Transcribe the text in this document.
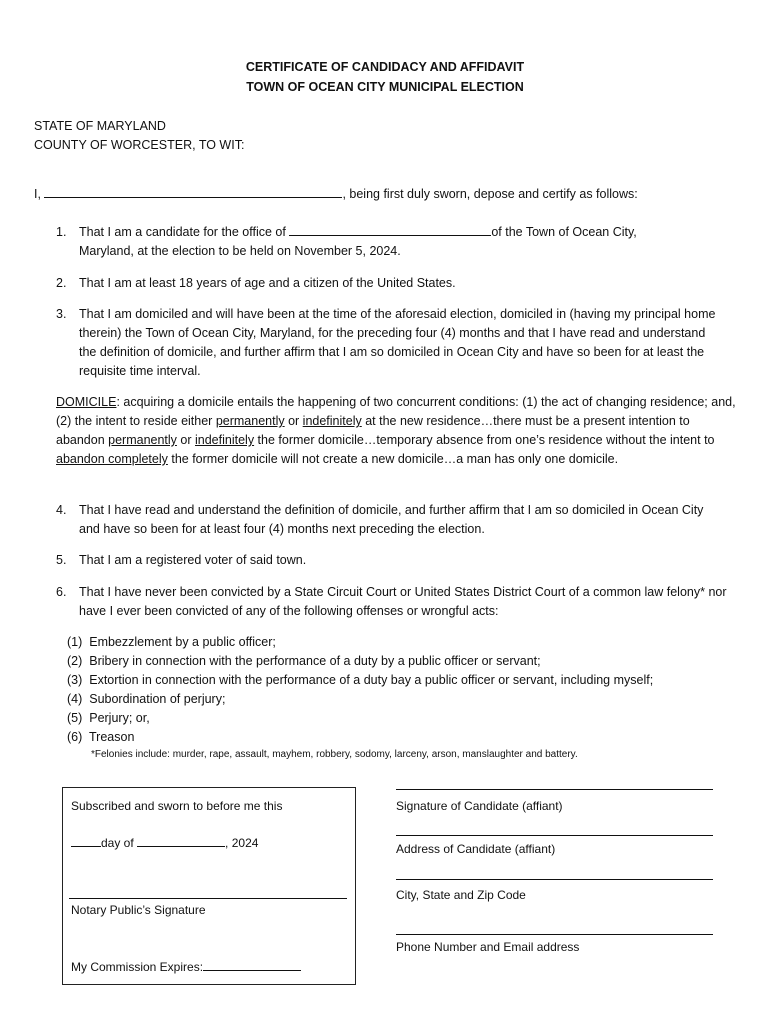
CERTIFICATE OF CANDIDACY AND AFFIDAVIT
TOWN OF OCEAN CITY MUNICIPAL ELECTION
STATE OF MARYLAND
COUNTY OF WORCESTER, TO WIT:
I,	, being first duly sworn, depose and certify as follows:
1.	That I am a candidate for the office of	of the Town of Ocean City,
Maryland, at the election to be held on November 5, 2024.
2.	That I am at least 18 years of age and a citizen of the United States.
3.	That I am domiciled and will have been at the time of the aforesaid election, domiciled in (having my principal home therein) the Town of Ocean City, Maryland, for the preceding four (4) months and that I have read and understand the definition of domicile, and further affirm that I am so domiciled in Ocean City and have so been for at least the requisite time interval.
DOMICILE: acquiring a domicile entails the happening of two concurrent conditions: (1) the act of changing residence; and, (2) the intent to reside either permanently or indefinitely at the new residence…there must be a present intention to abandon permanently or indefinitely the former domicile…temporary absence from one’s residence without the intent to abandon completely the former domicile will not create a new domicile…a man has only one domicile.
4.	That I have read and understand the definition of domicile, and further affirm that I am so domiciled in Ocean City and have so been for at least four (4) months next preceding the election.
5.	That I am a registered voter of said town.
6.	That I have never been convicted by a State Circuit Court or United States District Court of a common law felony* nor have I ever been convicted of any of the following offenses or wrongful acts:
(1) Embezzlement by a public officer;
(2) Bribery in connection with the performance of a duty by a public officer or servant;
(3) Extortion in connection with the performance of a duty bay a public officer or servant, including myself;
(4) Subordination of perjury;
(5) Perjury; or,
(6) Treason
*Felonies include: murder, rape, assault, mayhem, robbery, sodomy, larceny, arson, manslaughter and battery.
Subscribed and sworn to before me this
day of	, 2024
Notary Public’s Signature
My Commission Expires:
Signature of Candidate (affiant)
Address of Candidate (affiant)
City, State and Zip Code
Phone Number and Email address
